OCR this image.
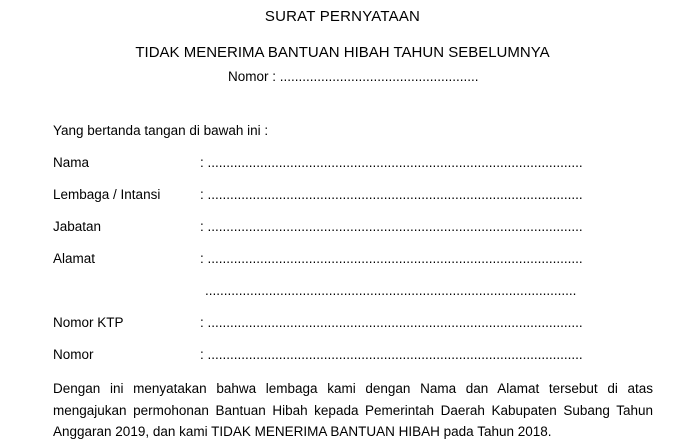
SURAT PERNYATAAN
TIDAK MENERIMA BANTUAN HIBAH TAHUN SEBELUMNYA
Nomor : .....................................................
Yang bertanda tangan di bawah ini :
Nama	: ....................................................................................................
Lembaga / Intansi	: ....................................................................................................
Jabatan	: ....................................................................................................
Alamat	: ....................................................................................................
...................................................................................................
Nomor KTP	: ....................................................................................................
Nomor	: ....................................................................................................
Dengan ini menyatakan bahwa lembaga kami dengan Nama dan Alamat tersebut di atas mengajukan permohonan Bantuan Hibah kepada Pemerintah Daerah Kabupaten Subang Tahun Anggaran 2019, dan kami TIDAK MENERIMA BANTUAN HIBAH pada Tahun 2018.
